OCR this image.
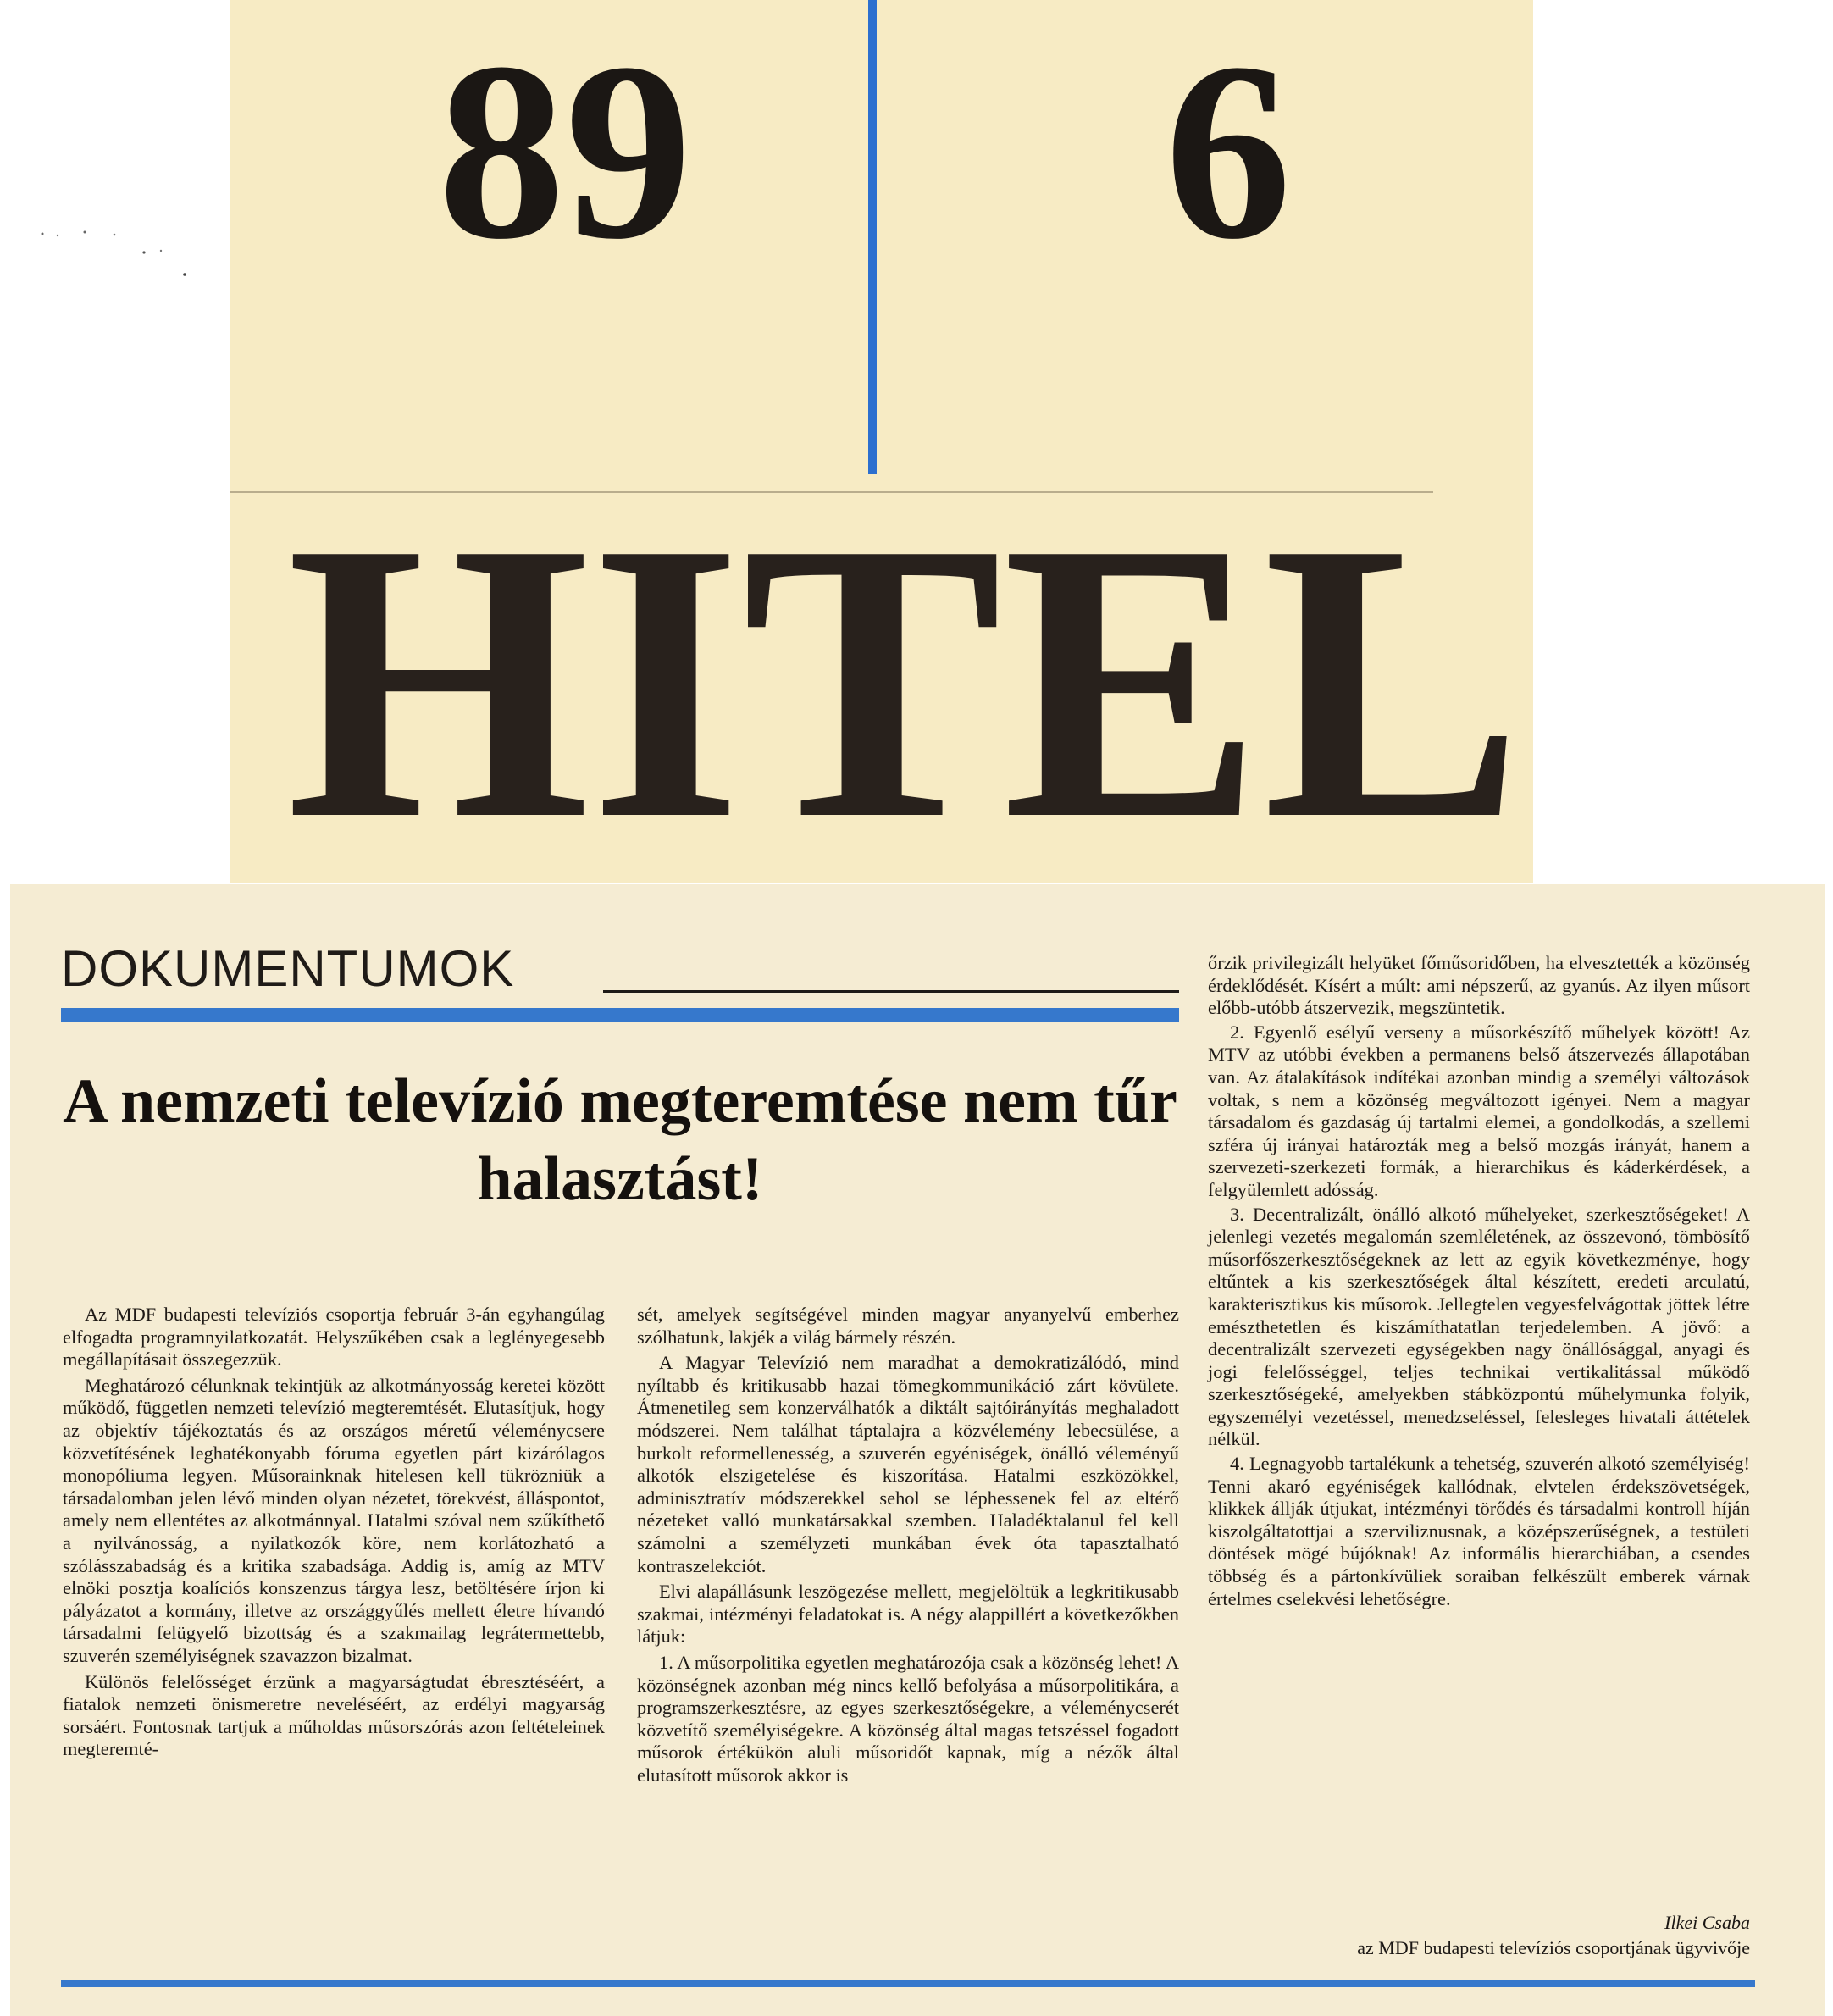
89	6
HITEL
DOKUMENTUMOK
A nemzeti televízió megteremtése nem tűr halasztást!

Az MDF budapesti televíziós csoportja február 3-án egyhangúlag elfogadta programnyilatkozatát. Helyszűkében csak a leglényegesebb megállapításait összegezzük.

Meghatározó célunknak tekintjük az alkotmányosság keretei között működő, független nemzeti televízió megteremtését. Elutasítjuk, hogy az objektív tájékoztatás és az országos méretű véleménycsere közvetítésének leghatékonyabb fóruma egyetlen párt kizárólagos monopóliuma legyen. Műsorainknak hitelesen kell tükrözniük a társadalomban jelen lévő minden olyan nézetet, törekvést, álláspontot, amely nem ellentétes az alkotmánnyal. Hatalmi szóval nem szűkíthető a nyilvánosság, a nyilatkozók köre, nem korlátozható a szólásszabadság és a kritika szabadsága. Addig is, amíg az MTV elnöki posztja koalíciós konszenzus tárgya lesz, betöltésére írjon ki pályázatot a kormány, illetve az országgyűlés mellett életre hívandó társadalmi felügyelő bizottság és a szakmailag legrátermettebb, szuverén személyiségnek szavazzon bizalmat.

Különös felelősséget érzünk a magyarságtudat ébresztéséért, a fiatalok nemzeti önismeretre neveléséért, az erdélyi magyarság sorsáért. Fontosnak tartjuk a műholdas műsorszórás azon feltételeinek megteremté-

sét, amelyek segítségével minden magyar anyanyelvű emberhez szólhatunk, lakjék a világ bármely részén.

A Magyar Televízió nem maradhat a demokratizálódó, mind nyíltabb és kritikusabb hazai tömegkommunikáció zárt kövülete. Átmenetileg sem konzerválhatók a diktált sajtóirányítás meghaladott módszerei. Nem találhat táptalajra a közvélemény lebecsülése, a burkolt reformellenesség, a szuverén egyéniségek, önálló véleményű alkotók elszigetelése és kiszorítása. Hatalmi eszközökkel, adminisztratív módszerekkel sehol se léphessenek fel az eltérő nézeteket valló munkatársakkal szemben. Haladéktalanul fel kell számolni a személyzeti munkában évek óta tapasztalható kontraszelekciót.

Elvi alapállásunk leszögezése mellett, megjelöltük a legkritikusabb szakmai, intézményi feladatokat is. A négy alappillért a következőkben látjuk:

1. A műsorpolitika egyetlen meghatározója csak a közönség lehet! A közönségnek azonban még nincs kellő befolyása a műsorpolitikára, a programszerkesztésre, az egyes szerkesztőségekre, a véleménycserét közvetítő személyiségekre. A közönség által magas tetszéssel fogadott műsorok értékükön aluli műsoridőt kapnak, míg a nézők által elutasított műsorok akkor is

őrzik privilegizált helyüket főműsoridőben, ha elvesztették a közönség érdeklődését. Kísért a múlt: ami népszerű, az gyanús. Az ilyen műsort előbb-utóbb átszervezik, megszüntetik.

2. Egyenlő esélyű verseny a műsorkészítő műhelyek között! Az MTV az utóbbi években a permanens belső átszervezés állapotában van. Az átalakítások indítékai azonban mindig a személyi változások voltak, s nem a közönség megváltozott igényei. Nem a magyar társadalom és gazdaság új tartalmi elemei, a gondolkodás, a szellemi szféra új irányai határozták meg a belső mozgás irányát, hanem a szervezeti-szerkezeti formák, a hierarchikus és káderkérdések, a felgyülemlett adósság.

3. Decentralizált, önálló alkotó műhelyeket, szerkesztőségeket! A jelenlegi vezetés megalomán szemléletének, az összevonó, tömbösítő műsorfőszerkesztőségeknek az lett az egyik következménye, hogy eltűntek a kis szerkesztőségek által készített, eredeti arculatú, karakterisztikus kis műsorok. Jellegtelen vegyesfelvágottak jöttek létre emészthetetlen és kiszámíthatatlan terjedelemben. A jövő: a decentralizált szervezeti egységekben nagy önállósággal, anyagi és jogi felelősséggel, teljes technikai vertikalitással működő szerkesztőségeké, amelyekben stábközpontú műhelymunka folyik, egyszemélyi vezetéssel, menedzseléssel, felesleges hivatali áttételek nélkül.

4. Legnagyobb tartalékunk a tehetség, szuverén alkotó személyiség! Tenni akaró egyéniségek kallódnak, elvtelen érdekszövetségek, klikkek állják útjukat, intézményi törődés és társadalmi kontroll híján kiszolgáltatottjai a szerviliznusnak, a középszerűségnek, a testületi döntések mögé bújóknak! Az informális hierarchiában, a csendes többség és a pártonkívüliek soraiban felkészült emberek várnak értelmes cselekvési lehetőségre.

Ilkei Csaba
az MDF budapesti televíziós csoportjának ügyvivője
